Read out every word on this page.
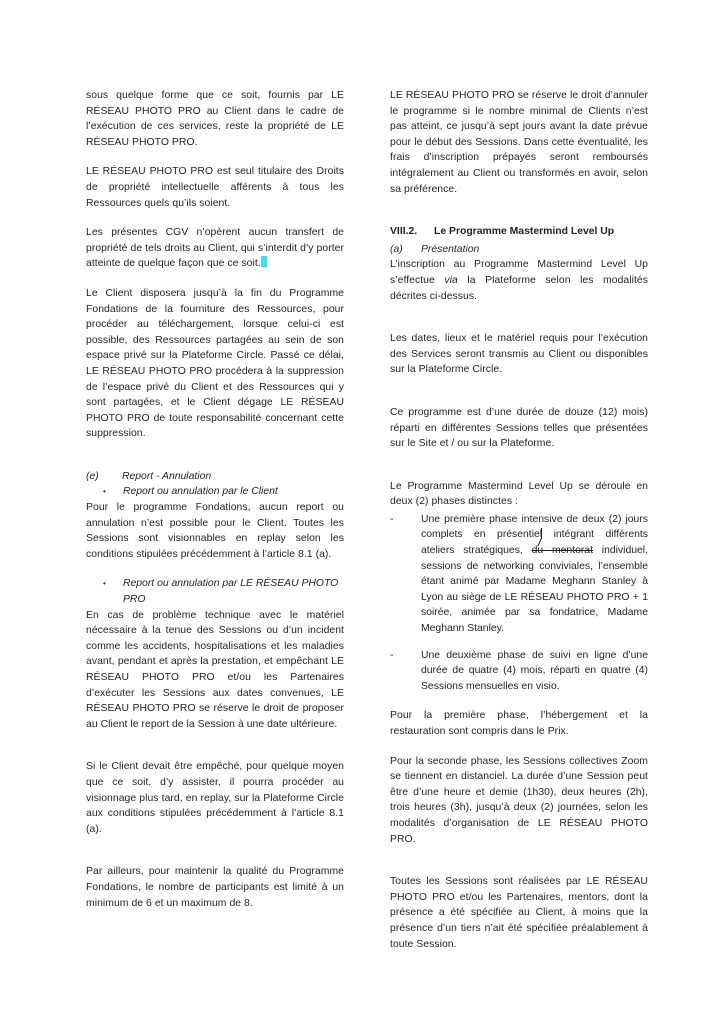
sous quelque forme que ce soit, fournis par LE RÉSEAU PHOTO PRO au Client dans le cadre de l’exécution de ces services, reste la propriété de LE RÉSEAU PHOTO PRO.

LE RÉSEAU PHOTO PRO est seul titulaire des Droits de propriété intellectuelle afférents à tous les Ressources quels qu’ils soient.

Les présentes CGV n’opèrent aucun transfert de propriété de tels droits au Client, qui s’interdit d’y porter atteinte de quelque façon que ce soit.

Le Client disposera jusqu’à la fin du Programme Fondations de la fourniture des Ressources, pour procéder au téléchargement, lorsque celui-ci est possible, des Ressources partagées au sein de son espace privé sur la Plateforme Circle. Passé ce délai, LE RÉSEAU PHOTO PRO procédera à la suppression de l’espace privé du Client et des Ressources qui y sont partagées, et le Client dégage LE RÉSEAU PHOTO PRO de toute responsabilité concernant cette suppression.

(e) Report - Annulation

• Report ou annulation par le Client

Pour le programme Fondations, aucun report ou annulation n’est possible pour le Client. Toutes les Sessions sont visionnables en replay selon les conditions stipulées précédemment à l’article 8.1 (a).

• Report ou annulation par LE RÉSEAU PHOTO PRO

En cas de problème technique avec le matériel nécessaire à la tenue des Sessions ou d’un incident comme les accidents, hospitalisations et les maladies avant, pendant et après la prestation, et empêchant LE RÉSEAU PHOTO PRO et/ou les Partenaires d’exécuter les Sessions aux dates convenues, LE RÉSEAU PHOTO PRO se réserve le droit de proposer au Client le report de la Session à une date ultérieure.

Si le Client devait être empêché, pour quelque moyen que ce soit, d’y assister, il pourra procéder au visionnage plus tard, en replay, sur la Plateforme Circle aux conditions stipulées précédemment à l’article 8.1 (a).

Par ailleurs, pour maintenir la qualité du Programme Fondations, le nombre de participants est limité à un minimum de 6 et un maximum de 8.

LE RÉSEAU PHOTO PRO se réserve le droit d’annuler le programme si le nombre minimal de Clients n’est pas atteint, ce jusqu’à sept jours avant la date prévue pour le début des Sessions. Dans cette éventualité, les frais d’inscription prépayés seront remboursés intégralement au Client ou transformés en avoir, selon sa préférence.

VIII.2. Le Programme Mastermind Level Up

(a) Présentation

L’inscription au Programme Mastermind Level Up s’effectue via la Plateforme selon les modalités décrites ci-dessus.

Les dates, lieux et le matériel requis pour l’exécution des Services seront transmis au Client ou disponibles sur la Plateforme Circle.

Ce programme est d’une durée de douze (12) mois) réparti en différentes Sessions telles que présentées sur le Site et / ou sur la Plateforme.

Le Programme Mastermind Level Up se déroule en deux (2) phases distinctes :

-	Une première phase intensive de deux (2) jours complets en présentiel intégrant différents ateliers stratégiques, du mentorat individuel, sessions de networking conviviales, l’ensemble étant animé par Madame Meghann Stanley à Lyon au siège de LE RÉSEAU PHOTO PRO + 1 soirée, animée par sa fondatrice, Madame Meghann Stanley.
-	Une deuxième phase de suivi en ligne d’une durée de quatre (4) mois, réparti en quatre (4) Sessions mensuelles en visio.

Pour la première phase, l’hébergement et la restauration sont compris dans le Prix.

Pour la seconde phase, les Sessions collectives Zoom se tiennent en distanciel. La durée d’une Session peut être d’une heure et demie (1h30), deux heures (2h), trois heures (3h), jusqu’à deux (2) journées, selon les modalités d’organisation de LE RÉSEAU PHOTO PRO.

Toutes les Sessions sont réalisées par LE RÉSEAU PHOTO PRO et/ou les Partenaires, mentors, dont la présence a été spécifiée au Client, à moins que la présence d’un tiers n’ait été spécifiée préalablement à toute Session.
